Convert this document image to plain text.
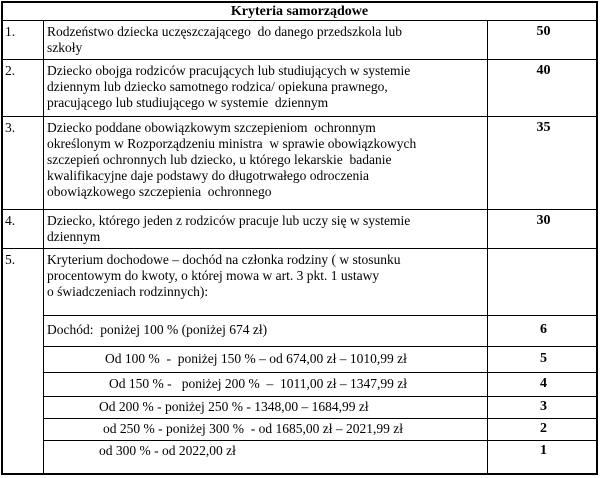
Kryteria samorządowe
1. Rodzeństwo dziecka uczęszczającego  do danego przedszkola lub
szkoły
50
2. Dziecko obojga rodziców pracujących lub studiujących w systemie
dziennym lub dziecko samotnego rodzica/ opiekuna prawnego,
pracującego lub studiującego w systemie  dziennym
40
3. Dziecko poddane obowiązkowym szczepieniom  ochronnym
określonym w Rozporządzeniu ministra  w sprawie obowiązkowych
szczepień ochronnych lub dziecko, u którego lekarskie  badanie
kwalifikacyjne daje podstawy do długotrwałego odroczenia
obowiązkowego szczepienia  ochronnego
35
4. Dziecko, którego jeden z rodziców pracuje lub uczy się w systemie
dziennym
30
5. Kryterium dochodowe – dochód na członka rodziny ( w stosunku
procentowym do kwoty, o której mowa w art. 3 pkt. 1 ustawy
o świadczeniach rodzinnych):
Dochód:  poniżej 100 % (poniżej 674 zł)	6
Od 100 %  -  poniżej 150 % – od 674,00 zł – 1010,99 zł	5
Od 150 % -   poniżej 200 %  –  1011,00 zł – 1347,99 zł	4
Od 200 % - poniżej 250 % - 1348,00 – 1684,99 zł	3
od 250 % - poniżej 300 %  - od 1685,00 zł – 2021,99 zł	2
od 300 % - od 2022,00 zł	1
